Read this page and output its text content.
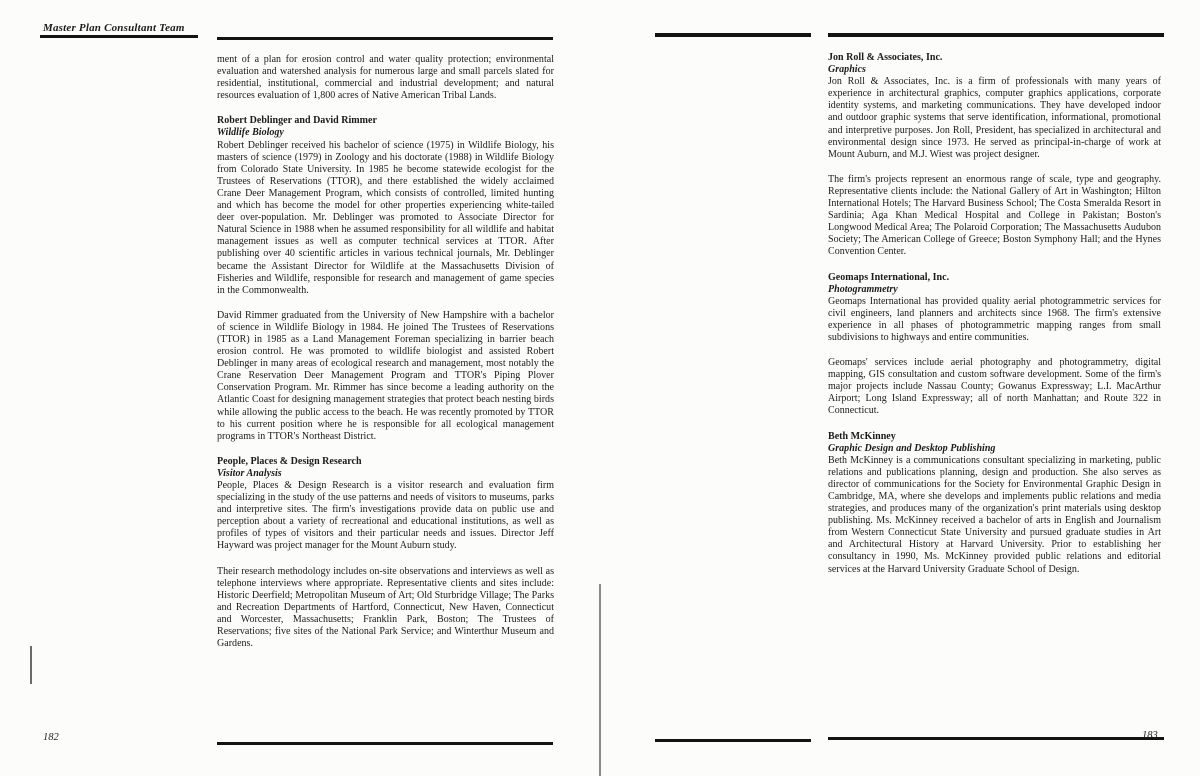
Master Plan Consultant Team

ment of a plan for erosion control and water quality protection; environmental evaluation and watershed analysis for numerous large and small parcels slated for residential, institutional, commercial and industrial development; and natural resources evaluation of 1,800 acres of Native American Tribal Lands.

Robert Deblinger and David Rimmer
Wildlife Biology

Robert Deblinger received his bachelor of science (1975) in Wildlife Biology, his masters of science (1979) in Zoology and his doctorate (1988) in Wildlife Biology from Colorado State University. In 1985 he become statewide ecologist for the Trustees of Reservations (TTOR), and there established the widely acclaimed Crane Deer Management Program, which consists of controlled, limited hunting and which has become the model for other properties experiencing white-tailed deer over-population. Mr. Deblinger was promoted to Associate Director for Natural Science in 1988 when he assumed responsibility for all wildlife and habitat management issues as well as computer technical services at TTOR. After publishing over 40 scientific articles in various technical journals, Mr. Deblinger became the Assistant Director for Wildlife at the Massachusetts Division of Fisheries and Wildlife, responsible for research and management of game species in the Commonwealth.

David Rimmer graduated from the University of New Hampshire with a bachelor of science in Wildlife Biology in 1984. He joined The Trustees of Reservations (TTOR) in 1985 as a Land Management Foreman specializing in barrier beach erosion control. He was promoted to wildlife biologist and assisted Robert Deblinger in many areas of ecological research and management, most notably the Crane Reservation Deer Management Program and TTOR's Piping Plover Conservation Program. Mr. Rimmer has since become a leading authority on the Atlantic Coast for designing management strategies that protect beach nesting birds while allowing the public access to the beach. He was recently promoted by TTOR to his current position where he is responsible for all ecological management programs in TTOR's Northeast District.

People, Places & Design Research
Visitor Analysis

People, Places & Design Research is a visitor research and evaluation firm specializing in the study of the use patterns and needs of visitors to museums, parks and interpretive sites. The firm's investigations provide data on public use and perception about a variety of recreational and educational institutions, as well as profiles of types of visitors and their particular needs and issues. Director Jeff Hayward was project manager for the Mount Auburn study.

Their research methodology includes on-site observations and interviews as well as telephone interviews where appropriate. Representative clients and sites include: Historic Deerfield; Metropolitan Museum of Art; Old Sturbridge Village; The Parks and Recreation Departments of Hartford, Connecticut, New Haven, Connecticut and Worcester, Massachusetts; Franklin Park, Boston; The Trustees of Reservations; five sites of the National Park Service; and Winterthur Museum and Gardens.

Jon Roll & Associates, Inc.
Graphics

Jon Roll & Associates, Inc. is a firm of professionals with many years of experience in architectural graphics, computer graphics applications, corporate identity systems, and marketing communications. They have developed indoor and outdoor graphic systems that serve identification, informational, promotional and interpretive purposes. Jon Roll, President, has specialized in architectural and environmental design since 1973. He served as principal-in-charge of work at Mount Auburn, and M.J. Wiest was project designer.

The firm's projects represent an enormous range of scale, type and geography. Representative clients include: the National Gallery of Art in Washington; Hilton International Hotels; The Harvard Business School; The Costa Smeralda Resort in Sardinia; Aga Khan Medical Hospital and College in Pakistan; Boston's Longwood Medical Area; The Polaroid Corporation; The Massachusetts Audubon Society; The American College of Greece; Boston Symphony Hall; and the Hynes Convention Center.

Geomaps International, Inc.
Photogrammetry

Geomaps International has provided quality aerial photogrammetric services for civil engineers, land planners and architects since 1968. The firm's extensive experience in all phases of photogrammetric mapping ranges from small subdivisions to highways and entire communities.

Geomaps' services include aerial photography and photogrammetry, digital mapping, GIS consultation and custom software development. Some of the firm's major projects include Nassau County; Gowanus Expressway; L.I. MacArthur Airport; Long Island Expressway; all of north Manhattan; and Route 322 in Connecticut.

Beth McKinney
Graphic Design and Desktop Publishing

Beth McKinney is a communications consultant specializing in marketing, public relations and publications planning, design and production. She also serves as director of communications for the Society for Environmental Graphic Design in Cambridge, MA, where she develops and implements public relations and media strategies, and produces many of the organization's print materials using desktop publishing. Ms. McKinney received a bachelor of arts in English and Journalism from Western Connecticut State University and pursued graduate studies in Art and Architectural History at Harvard University. Prior to establishing her consultancy in 1990, Ms. McKinney provided public relations and editorial services at the Harvard University Graduate School of Design.

182	183
